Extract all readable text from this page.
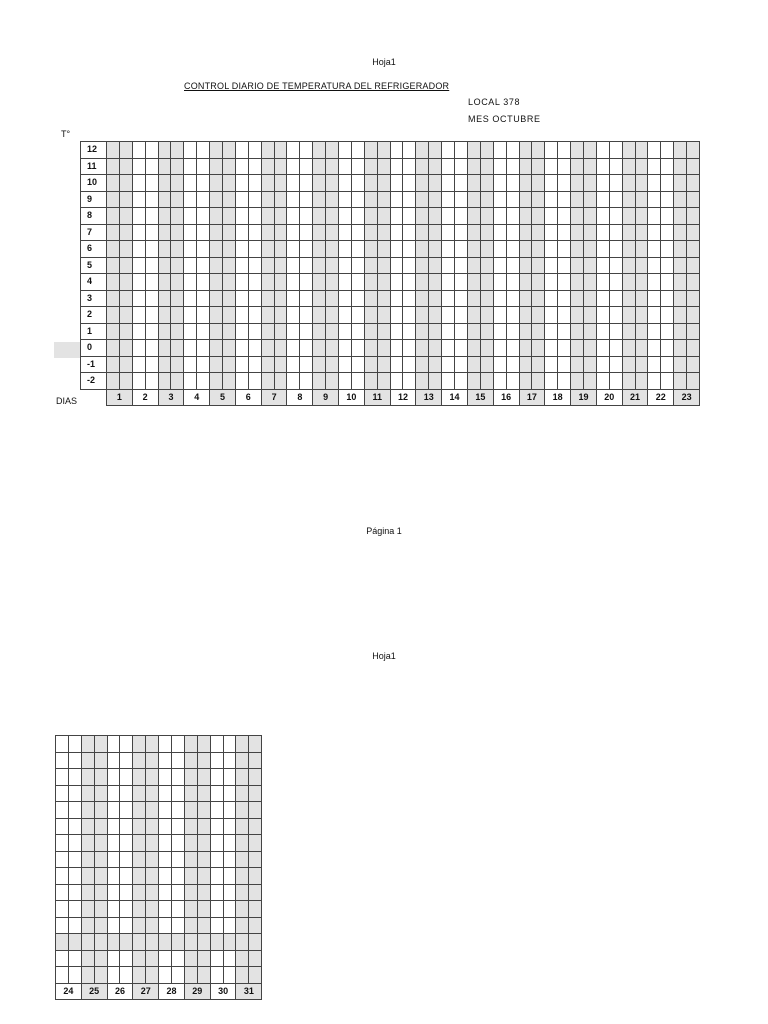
Hoja1
CONTROL DIARIO DE TEMPERATURA DEL REFRIGERADOR
LOCAL 378
MES OCTUBRE
T°
DIAS
12																																														
11																																														
10																																														
9																																														
8																																														
7																																														
6																																														
5																																														
4																																														
3																																														
2																																														
1																																														
0																																														
-1																																														
-2																																														
	1		2		3		4		5		6		7		8		9		10		11		12		13		14		15		16		17		18		19		20		21		22		23	
Página 1
Hoja1

24		25		26		27		28		29		30		31	
